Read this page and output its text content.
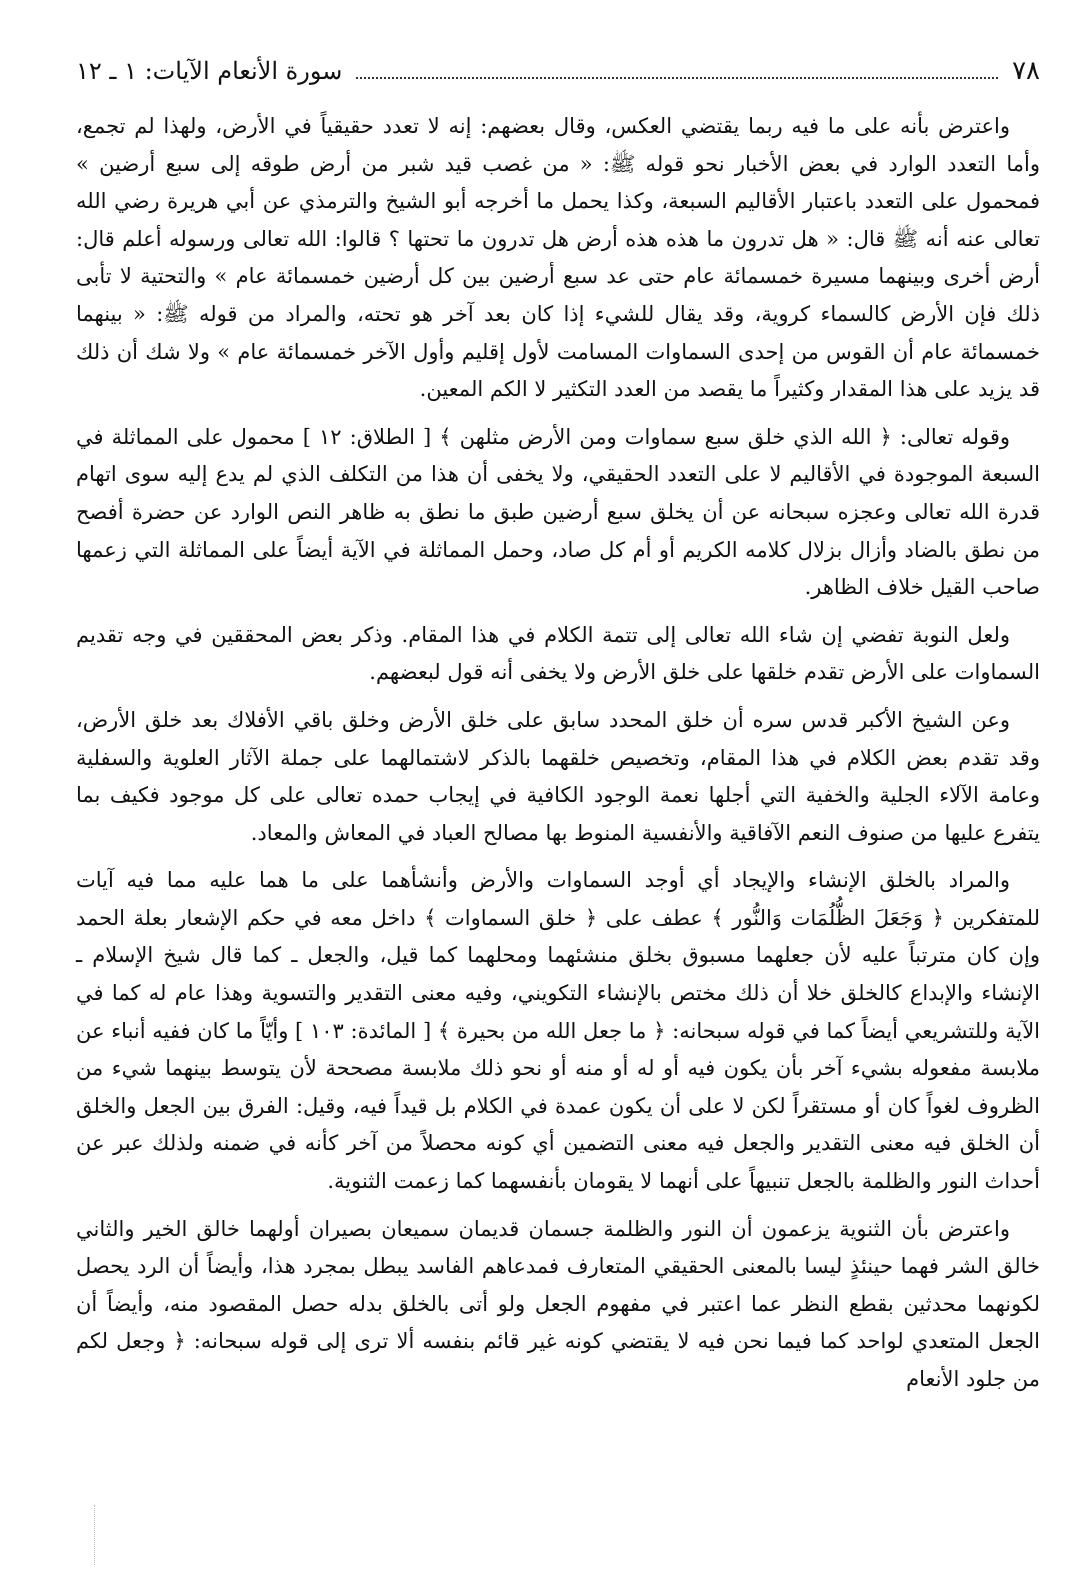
٧٨
سورة الأنعام الآيات: ١ ـ ١٢

واعترض بأنه على ما فيه ربما يقتضي العكس، وقال بعضهم: إنه لا تعدد حقيقياً في الأرض، ولهذا لم تجمع، وأما التعدد الوارد في بعض الأخبار نحو قوله ﷺ: « من غصب قيد شبر من أرض طوقه إلى سبع أرضين » فمحمول على التعدد باعتبار الأقاليم السبعة، وكذا يحمل ما أخرجه أبو الشيخ والترمذي عن أبي هريرة رضي الله تعالى عنه أنه ﷺ قال: « هل تدرون ما هذه هذه أرض هل تدرون ما تحتها ؟ قالوا: الله تعالى ورسوله أعلم قال: أرض أخرى وبينهما مسيرة خمسمائة عام حتى عد سبع أرضين بين كل أرضين خمسمائة عام » والتحتية لا تأبى ذلك فإن الأرض كالسماء كروية، وقد يقال للشيء إذا كان بعد آخر هو تحته، والمراد من قوله ﷺ: « بينهما خمسمائة عام أن القوس من إحدى السماوات المسامت لأول إقليم وأول الآخر خمسمائة عام » ولا شك أن ذلك قد يزيد على هذا المقدار وكثيراً ما يقصد من العدد التكثير لا الكم المعين.

وقوله تعالى: ﴿ الله الذي خلق سبع سماوات ومن الأرض مثلهن ﴾ [ الطلاق: ١٢ ] محمول على المماثلة في السبعة الموجودة في الأقاليم لا على التعدد الحقيقي، ولا يخفى أن هذا من التكلف الذي لم يدع إليه سوى اتهام قدرة الله تعالى وعجزه سبحانه عن أن يخلق سبع أرضين طبق ما نطق به ظاهر النص الوارد عن حضرة أفصح من نطق بالضاد وأزال بزلال كلامه الكريم أو أم كل صاد، وحمل المماثلة في الآية أيضاً على المماثلة التي زعمها صاحب القيل خلاف الظاهر.

ولعل النوبة تفضي إن شاء الله تعالى إلى تتمة الكلام في هذا المقام. وذكر بعض المحققين في وجه تقديم السماوات على الأرض تقدم خلقها على خلق الأرض ولا يخفى أنه قول لبعضهم.

وعن الشيخ الأكبر قدس سره أن خلق المحدد سابق على خلق الأرض وخلق باقي الأفلاك بعد خلق الأرض، وقد تقدم بعض الكلام في هذا المقام، وتخصيص خلقهما بالذكر لاشتمالهما على جملة الآثار العلوية والسفلية وعامة الآلاء الجلية والخفية التي أجلها نعمة الوجود الكافية في إيجاب حمده تعالى على كل موجود فكيف بما يتفرع عليها من صنوف النعم الآفاقية والأنفسية المنوط بها مصالح العباد في المعاش والمعاد.

والمراد بالخلق الإنشاء والإيجاد أي أوجد السماوات والأرض وأنشأهما على ما هما عليه مما فيه آيات للمتفكرين ﴿ وَجَعَلَ الظُّلُمَات وَالنُّور ﴾ عطف على ﴿ خلق السماوات ﴾ داخل معه في حكم الإشعار بعلة الحمد وإن كان مترتباً عليه لأن جعلهما مسبوق بخلق منشئهما ومحلهما كما قيل، والجعل ـ كما قال شيخ الإسلام ـ الإنشاء والإبداع كالخلق خلا أن ذلك مختص بالإنشاء التكويني، وفيه معنى التقدير والتسوية وهذا عام له كما في الآية وللتشريعي أيضاً كما في قوله سبحانه: ﴿ ما جعل الله من بحيرة ﴾ [ المائدة: ١٠٣ ] وأيّاً ما كان ففيه أنباء عن ملابسة مفعوله بشيء آخر بأن يكون فيه أو له أو منه أو نحو ذلك ملابسة مصححة لأن يتوسط بينهما شيء من الظروف لغواً كان أو مستقراً لكن لا على أن يكون عمدة في الكلام بل قيداً فيه، وقيل: الفرق بين الجعل والخلق أن الخلق فيه معنى التقدير والجعل فيه معنى التضمين أي كونه محصلاً من آخر كأنه في ضمنه ولذلك عبر عن أحداث النور والظلمة بالجعل تنبيهاً على أنهما لا يقومان بأنفسهما كما زعمت الثنوية.

واعترض بأن الثنوية يزعمون أن النور والظلمة جسمان قديمان سميعان بصيران أولهما خالق الخير والثاني خالق الشر فهما حينئذٍ ليسا بالمعنى الحقيقي المتعارف فمدعاهم الفاسد يبطل بمجرد هذا، وأيضاً أن الرد يحصل لكونهما محدثين بقطع النظر عما اعتبر في مفهوم الجعل ولو أتى بالخلق بدله حصل المقصود منه، وأيضاً أن الجعل المتعدي لواحد كما فيما نحن فيه لا يقتضي كونه غير قائم بنفسه ألا ترى إلى قوله سبحانه: ﴿ وجعل لكم من جلود الأنعام
